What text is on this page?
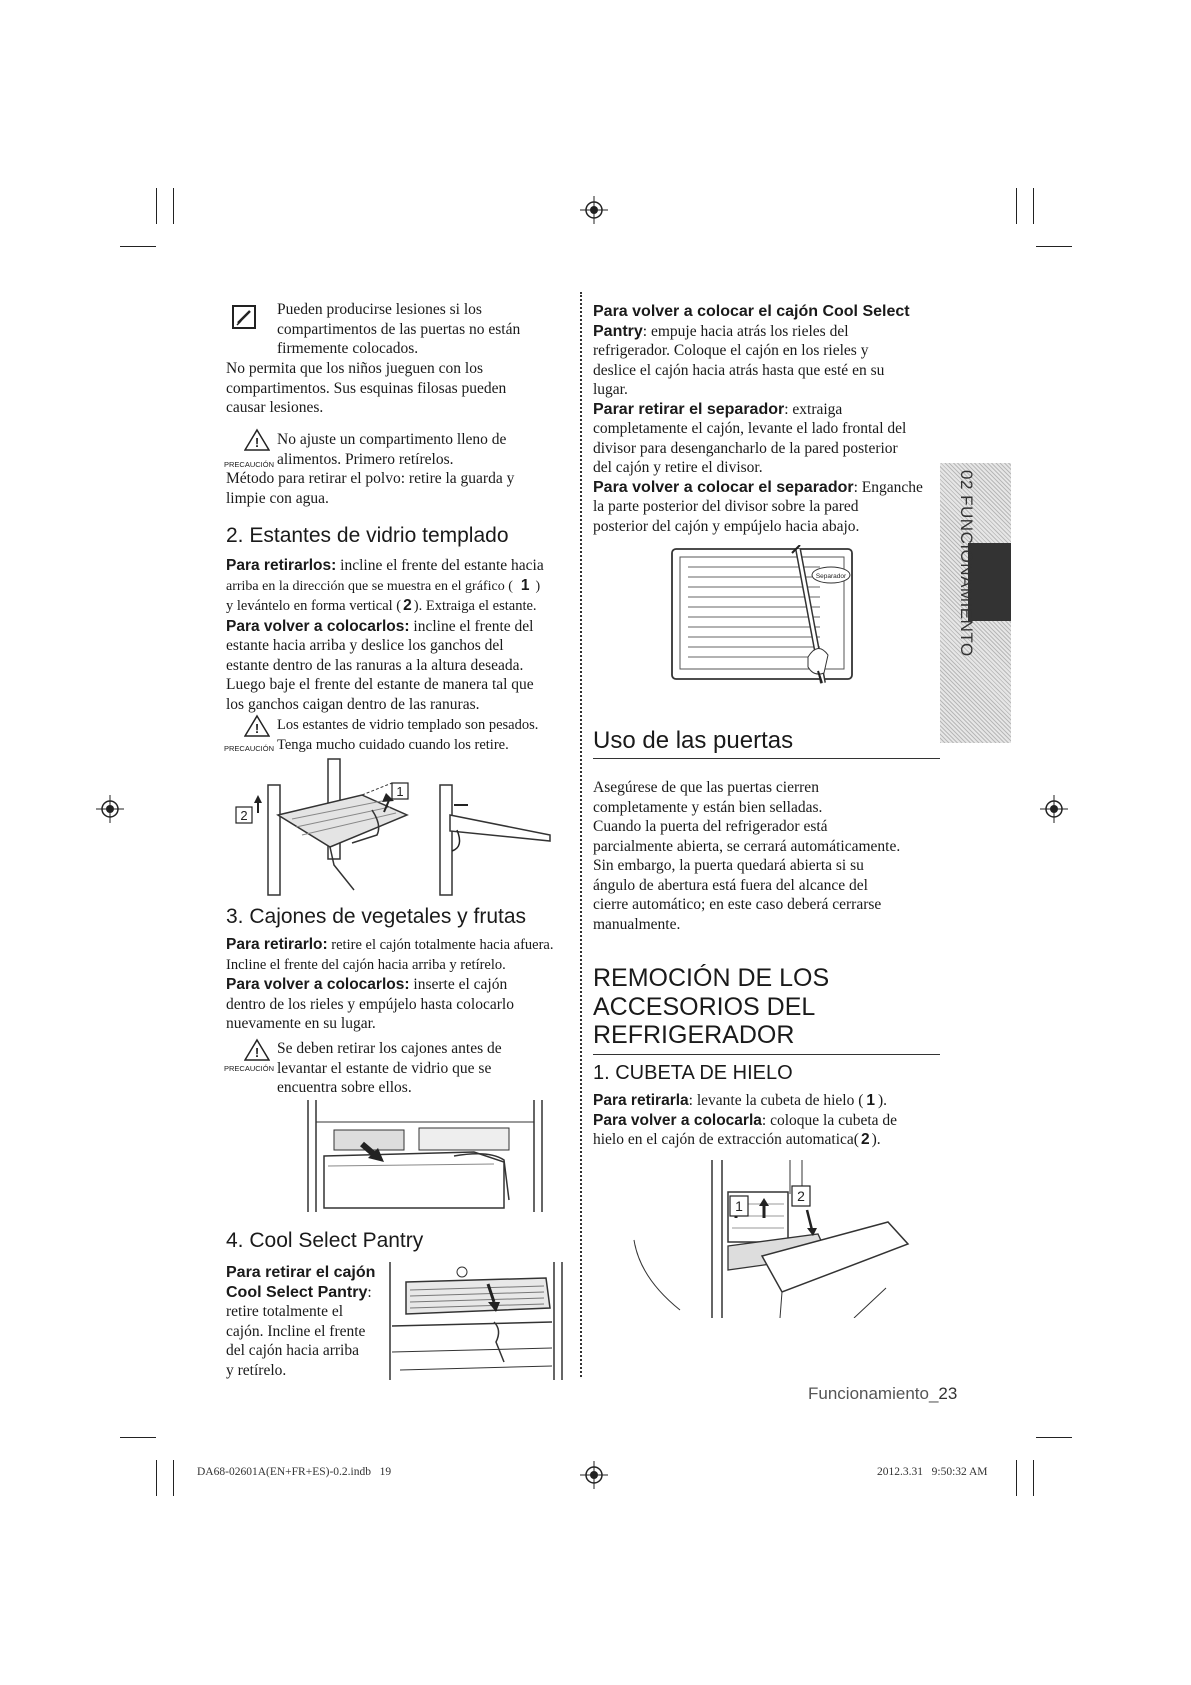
02 FUNCIONAMIENTO
Pueden producirse lesiones si los
compartimentos de las puertas no están
firmemente colocados.
No permita que los niños jueguen con los
compartimentos. Sus esquinas filosas pueden
causar lesiones.
!
PRECAUCIÓN
No ajuste un compartimento lleno de
alimentos. Primero retírelos.
Método para retirar el polvo: retire la guarda y
limpie con agua.
2. Estantes de vidrio templado
Para retirarlos: incline el frente del estante hacia
arriba en la dirección que se muestra en el gráfico ( 1 )
y levántelo en forma vertical ( 2 ). Extraiga el estante.
Para volver a colocarlos: incline el frente del
estante hacia arriba y deslice los ganchos del
estante dentro de las ranuras a la altura deseada.
Luego baje el frente del estante de manera tal que
los ganchos caigan dentro de las ranuras.
!
PRECAUCIÓN
Los estantes de vidrio templado son pesados.
Tenga mucho cuidado cuando los retire.
1
2
3. Cajones de vegetales y frutas
Para retirarlo: retire el cajón totalmente hacia afuera.
Incline el frente del cajón hacia arriba y retírelo.
Para volver a colocarlos: inserte el cajón
dentro de los rieles y empújelo hasta colocarlo
nuevamente en su lugar.
!
PRECAUCIÓN
Se deben retirar los cajones antes de
levantar el estante de vidrio que se
encuentra sobre ellos.
4. Cool Select Pantry
Para retirar el cajón
Cool Select Pantry:
retire totalmente el
cajón. Incline el frente
del cajón hacia arriba
y retírelo.
Para volver a colocar el cajón Cool Select
Pantry: empuje hacia atrás los rieles del
refrigerador. Coloque el cajón en los rieles y
deslice el cajón hacia atrás hasta que esté en su
lugar.
Parar retirar el separador: extraiga
completamente el cajón, levante el lado frontal del
divisor para desengancharlo de la pared posterior
del cajón y retire el divisor.
Para volver a colocar el separador: Enganche
la parte posterior del divisor sobre la pared
posterior del cajón y empújelo hacia abajo.
Separador
Uso de las puertas
Asegúrese de que las puertas cierren
completamente y están bien selladas.
Cuando la puerta del refrigerador está
parcialmente abierta, se cerrará automáticamente.
Sin embargo, la puerta quedará abierta si su
ángulo de abertura está fuera del alcance del
cierre automático; en este caso deberá cerrarse
manualmente.
REMOCIÓN DE LOS
ACCESORIOS DEL
REFRIGERADOR
1. CUBETA DE HIELO
Para retirarla: levante la cubeta de hielo ( 1 ).
Para volver a colocarla: coloque la cubeta de
hielo en el cajón de extracción automatica( 2 ).
1
2
Funcionamiento_23
DA68-02601A(EN+FR+ES)-0.2.indb   19	2012.3.31   9:50:32 AM
